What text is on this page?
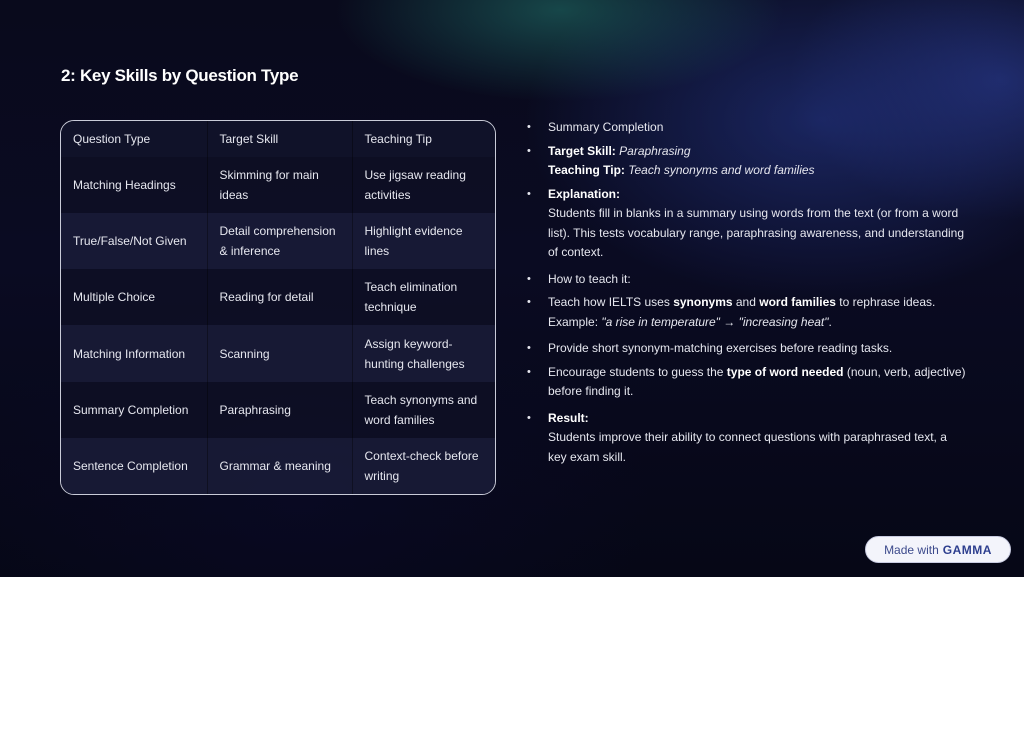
2: Key Skills by Question Type
Question Type	Target Skill	Teaching Tip
Matching Headings	Skimming for main ideas	Use jigsaw reading activities
True/False/Not Given	Detail comprehension & inference	Highlight evidence lines
Multiple Choice	Reading for detail	Teach elimination technique
Matching Information	Scanning	Assign keyword-hunting challenges
Summary Completion	Paraphrasing	Teach synonyms and word families
Sentence Completion	Grammar & meaning	Context-check before writing
• Summary Completion
• Target Skill: Paraphrasing
Teaching Tip: Teach synonyms and word families
• Explanation:
Students fill in blanks in a summary using words from the text (or from a word list). This tests vocabulary range, paraphrasing awareness, and understanding of context.
• How to teach it:
• Teach how IELTS uses synonyms and word families to rephrase ideas.
Example: "a rise in temperature" → "increasing heat".
• Provide short synonym-matching exercises before reading tasks.
• Encourage students to guess the type of word needed (noun, verb, adjective) before finding it.
• Result:
Students improve their ability to connect questions with paraphrased text, a key exam skill.
Made with GAMMA
